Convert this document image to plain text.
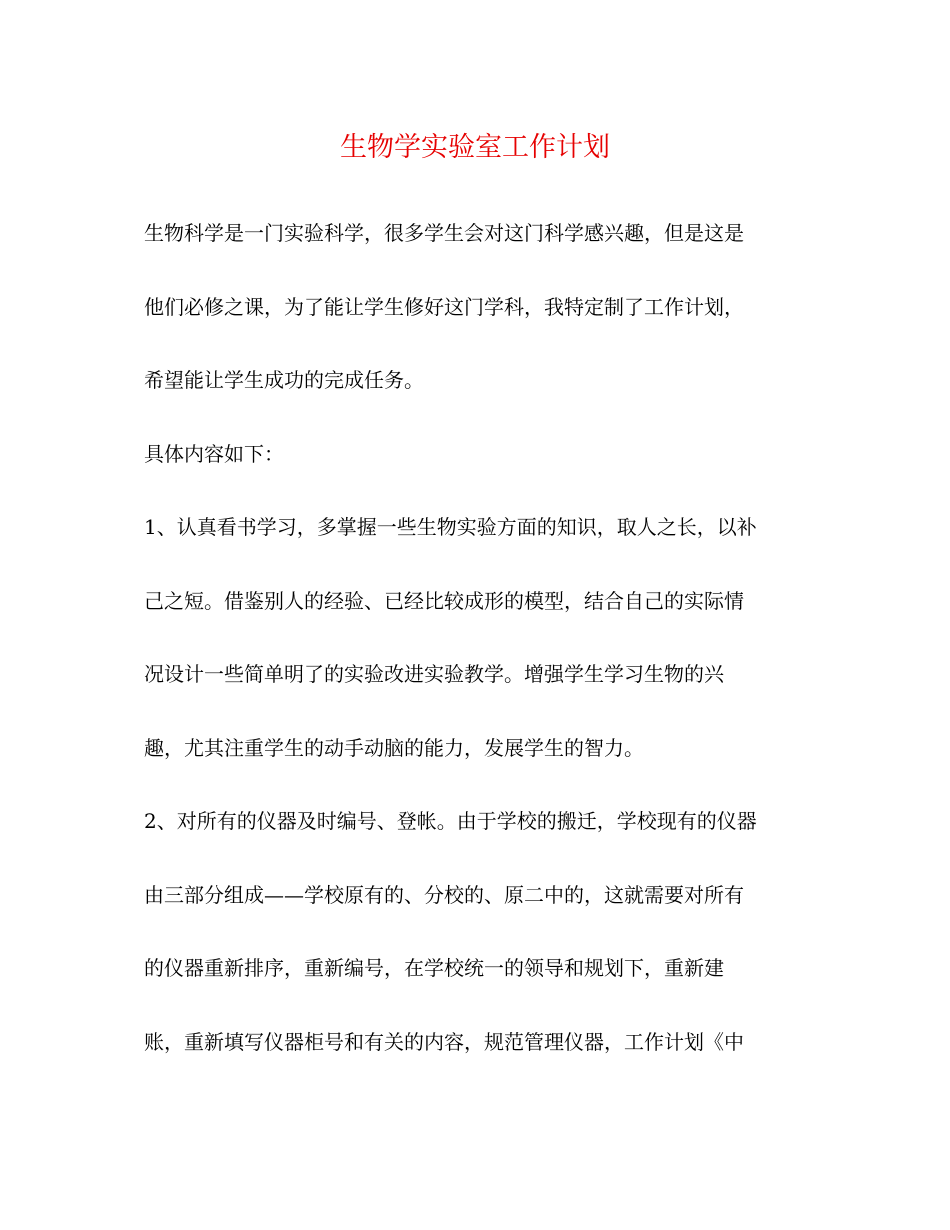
生物学实验室工作计划
生物科学是一门实验科学，很多学生会对这门科学感兴趣，但是这是
他们必修之课，为了能让学生修好这门学科，我特定制了工作计划，
希望能让学生成功的完成任务。
具体内容如下：
1、认真看书学习，多掌握一些生物实验方面的知识，取人之长，以补
己之短。借鉴别人的经验、已经比较成形的模型，结合自己的实际情
况设计一些简单明了的实验改进实验教学。增强学生学习生物的兴
趣，尤其注重学生的动手动脑的能力，发展学生的智力。
2、对所有的仪器及时编号、登帐。由于学校的搬迁，学校现有的仪器
由三部分组成——学校原有的、分校的、原二中的，这就需要对所有
的仪器重新排序，重新编号，在学校统一的领导和规划下，重新建
账，重新填写仪器柜号和有关的内容，规范管理仪器，工作计划《中
